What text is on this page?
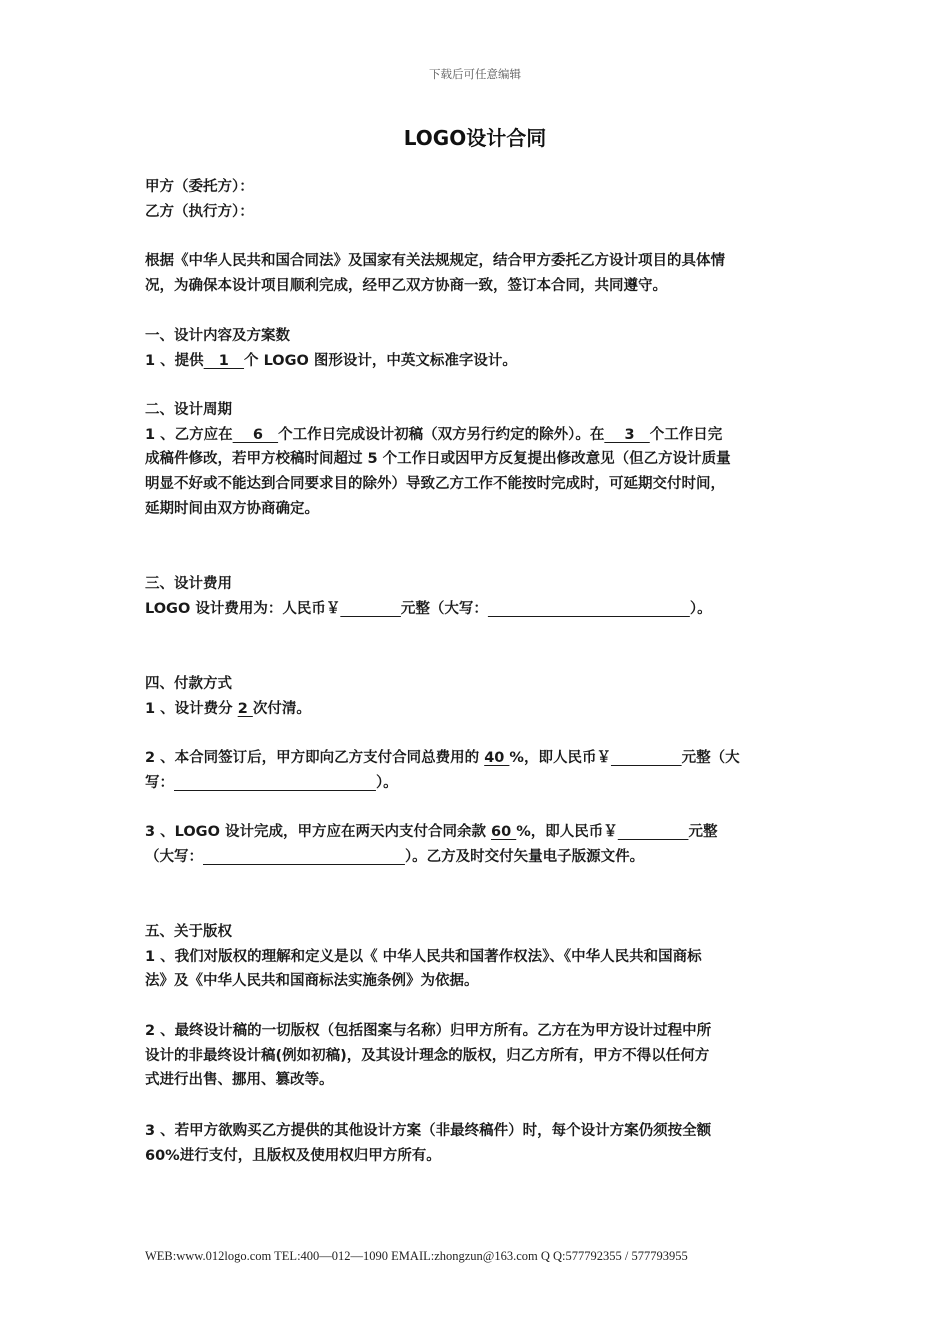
下载后可任意编辑
LOGO设计合同
甲方（委托方）：
乙方（执行方）：
根据《中华人民共和国合同法》及国家有关法规规定，结合甲方委托乙方设计项目的具体情
况，为确保本设计项目顺利完成，经甲乙双方协商一致，签订本合同，共同遵守。
一、设计内容及方案数
1 、提供   1   个 LOGO 图形设计，中英文标准字设计。
二、设计周期
1 、乙方应在    6   个工作日完成设计初稿（双方另行约定的除外）。在    3   个工作日完
成稿件修改，若甲方校稿时间超过 5 个工作日或因甲方反复提出修改意见（但乙方设计质量
明显不好或不能达到合同要求目的除外）导致乙方工作不能按时完成时，可延期交付时间，
延期时间由双方协商确定。
三、设计费用
LOGO 设计费用为：人民币￥	元整（大写：	）。
四、付款方式
1 、设计费分 2 次付清。
2 、本合同签订后，甲方即向乙方支付合同总费用的 40 %，即人民币￥	元整（大
写：	）。
3 、LOGO 设计完成，甲方应在两天内支付合同余款 60 %，即人民币￥	元整
（大写：	）。乙方及时交付矢量电子版源文件。
五、关于版权
1 、我们对版权的理解和定义是以《 中华人民共和国著作权法》、《中华人民共和国商标
法》及《中华人民共和国商标法实施条例》为依据。
2 、最终设计稿的一切版权（包括图案与名称）归甲方所有。乙方在为甲方设计过程中所
设计的非最终设计稿(例如初稿)，及其设计理念的版权，归乙方所有，甲方不得以任何方
式进行出售、挪用、篡改等。
3 、若甲方欲购买乙方提供的其他设计方案（非最终稿件）时，每个设计方案仍须按全额
60%进行支付，且版权及使用权归甲方所有。
WEB:www.012logo.com TEL:400—012—1090 EMAIL:zhongzun@163.com Q Q:577792355 / 577793955
